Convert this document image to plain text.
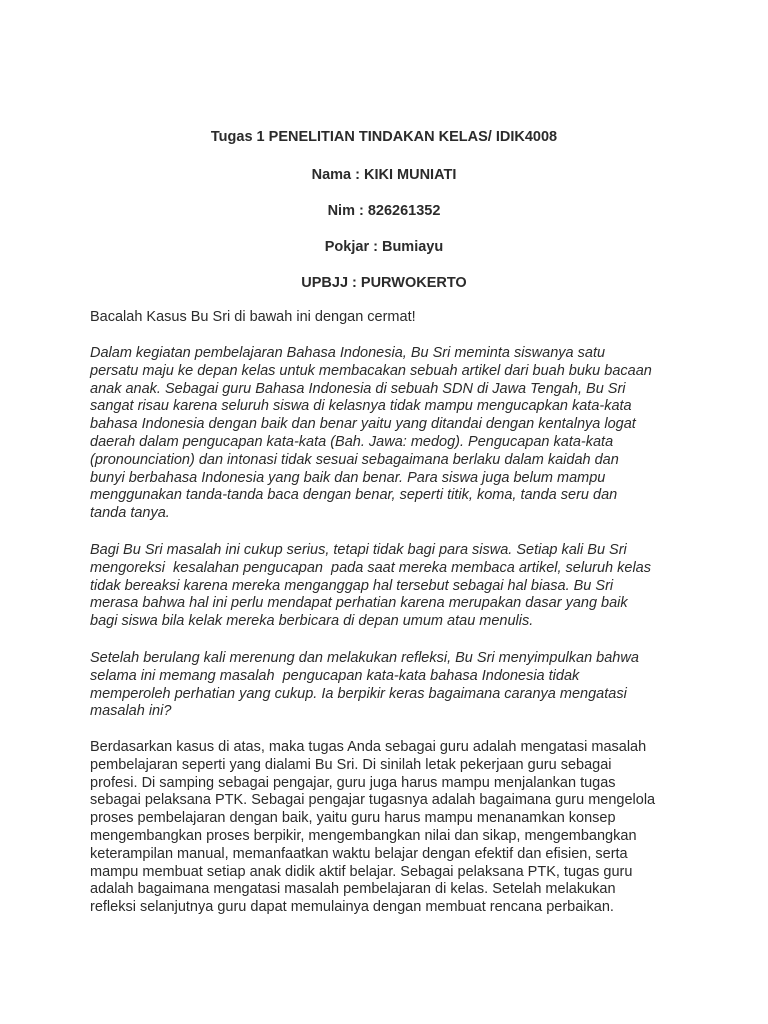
Tugas 1 PENELITIAN TINDAKAN KELAS/ IDIK4008
Nama : KIKI MUNIATI
Nim : 826261352
Pokjar : Bumiayu
UPBJJ : PURWOKERTO
Bacalah Kasus Bu Sri di bawah ini dengan cermat!
Dalam kegiatan pembelajaran Bahasa Indonesia, Bu Sri meminta siswanya satu
persatu maju ke depan kelas untuk membacakan sebuah artikel dari buah buku bacaan
anak anak. Sebagai guru Bahasa Indonesia di sebuah SDN di Jawa Tengah, Bu Sri
sangat risau karena seluruh siswa di kelasnya tidak mampu mengucapkan kata-kata
bahasa Indonesia dengan baik dan benar yaitu yang ditandai dengan kentalnya logat
daerah dalam pengucapan kata-kata (Bah. Jawa: medog). Pengucapan kata-kata
(pronounciation) dan intonasi tidak sesuai sebagaimana berlaku dalam kaidah dan
bunyi berbahasa Indonesia yang baik dan benar. Para siswa juga belum mampu
menggunakan tanda-tanda baca dengan benar, seperti titik, koma, tanda seru dan
tanda tanya.
Bagi Bu Sri masalah ini cukup serius, tetapi tidak bagi para siswa. Setiap kali Bu Sri
mengoreksi  kesalahan pengucapan  pada saat mereka membaca artikel, seluruh kelas
tidak bereaksi karena mereka menganggap hal tersebut sebagai hal biasa. Bu Sri
merasa bahwa hal ini perlu mendapat perhatian karena merupakan dasar yang baik
bagi siswa bila kelak mereka berbicara di depan umum atau menulis.
Setelah berulang kali merenung dan melakukan refleksi, Bu Sri menyimpulkan bahwa
selama ini memang masalah  pengucapan kata-kata bahasa Indonesia tidak
memperoleh perhatian yang cukup. Ia berpikir keras bagaimana caranya mengatasi
masalah ini?
Berdasarkan kasus di atas, maka tugas Anda sebagai guru adalah mengatasi masalah
pembelajaran seperti yang dialami Bu Sri. Di sinilah letak pekerjaan guru sebagai
profesi. Di samping sebagai pengajar, guru juga harus mampu menjalankan tugas
sebagai pelaksana PTK. Sebagai pengajar tugasnya adalah bagaimana guru mengelola
proses pembelajaran dengan baik, yaitu guru harus mampu menanamkan konsep
mengembangkan proses berpikir, mengembangkan nilai dan sikap, mengembangkan
keterampilan manual, memanfaatkan waktu belajar dengan efektif dan efisien, serta
mampu membuat setiap anak didik aktif belajar. Sebagai pelaksana PTK, tugas guru
adalah bagaimana mengatasi masalah pembelajaran di kelas. Setelah melakukan
refleksi selanjutnya guru dapat memulainya dengan membuat rencana perbaikan.
